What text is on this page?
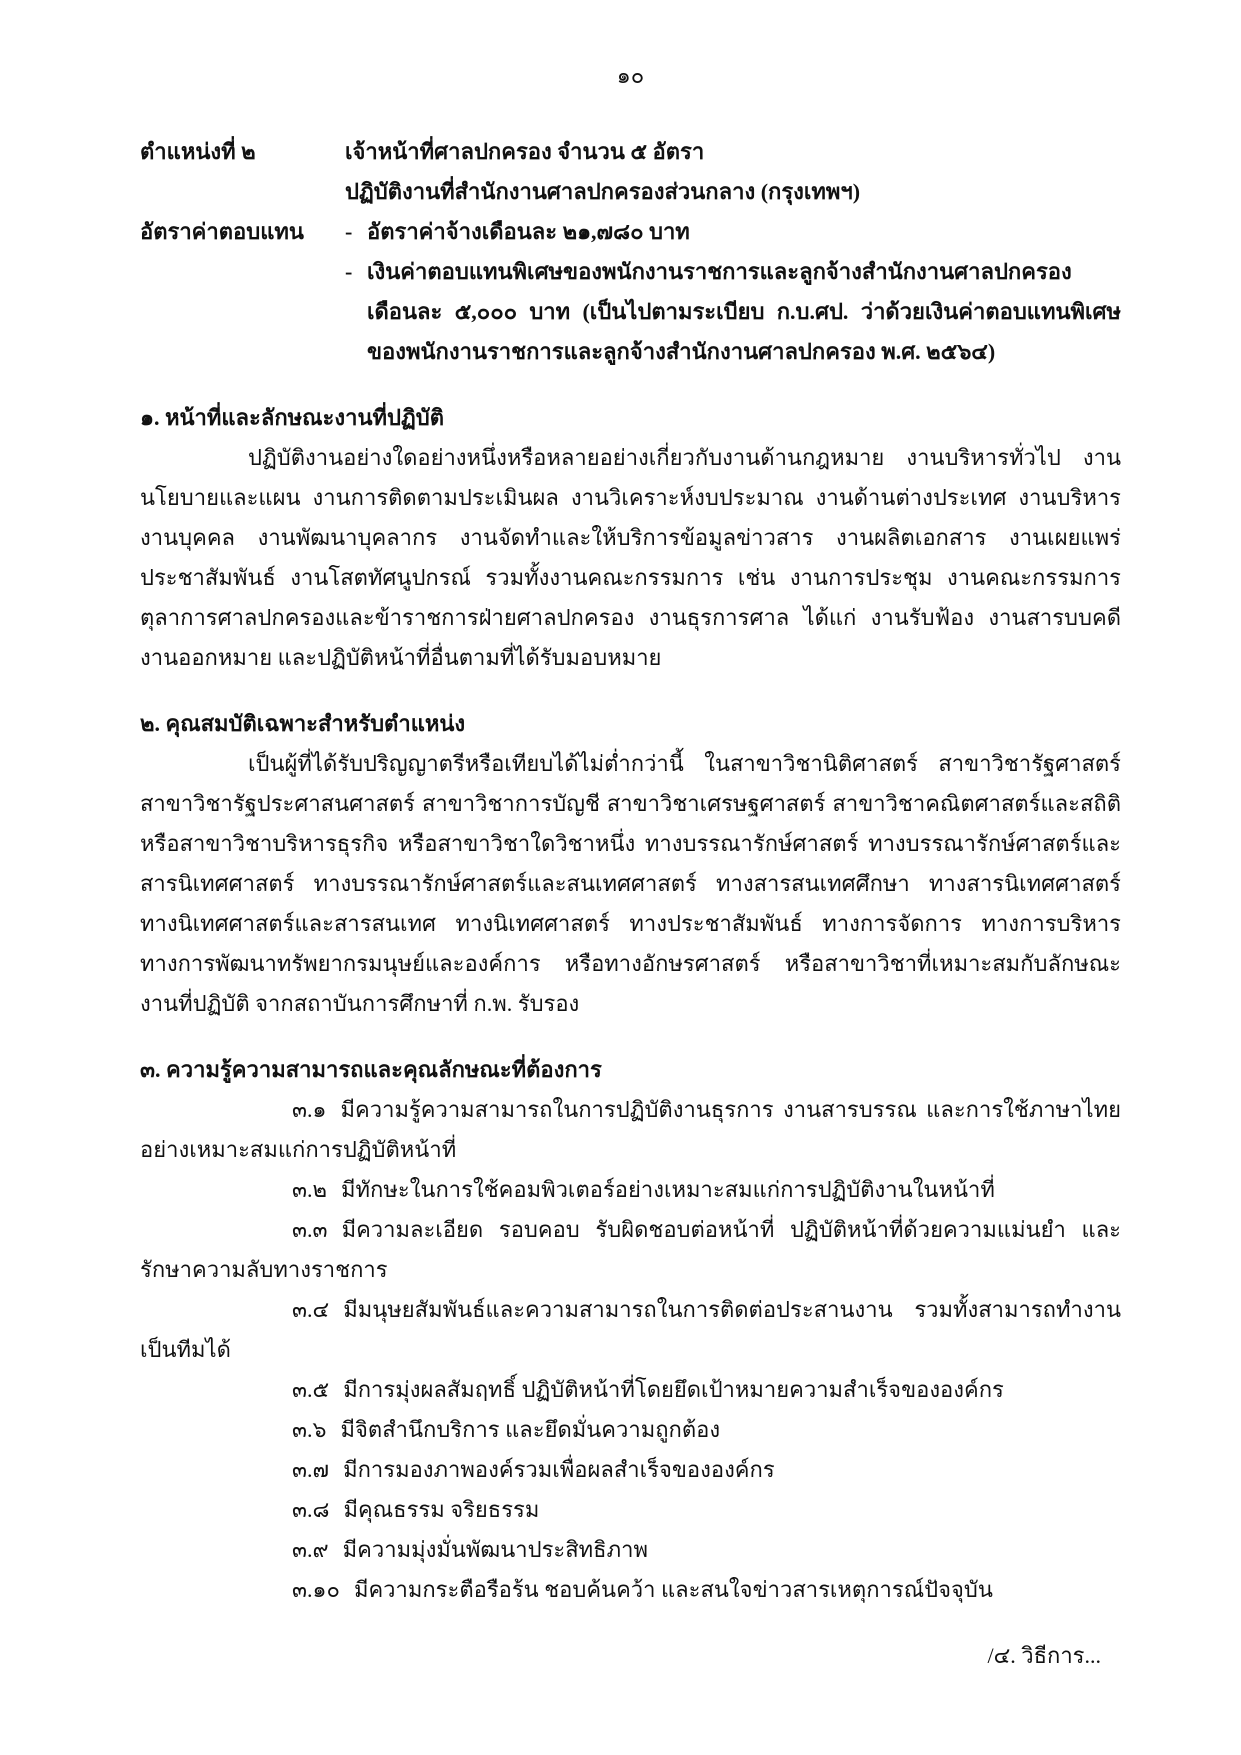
๑๐
ตำแหน่งที่ ๒	เจ้าหน้าที่ศาลปกครอง จำนวน ๕ อัตรา
ปฏิบัติงานที่สำนักงานศาลปกครองส่วนกลาง (กรุงเทพฯ)
อัตราค่าตอบแทน	- อัตราค่าจ้างเดือนละ ๒๑,๗๘๐ บาท
- เงินค่าตอบแทนพิเศษของพนักงานราชการและลูกจ้างสำนักงานศาลปกครอง เดือนละ ๕,๐๐๐ บาท (เป็นไปตามระเบียบ ก.บ.ศป. ว่าด้วยเงินค่าตอบแทนพิเศษของพนักงานราชการและลูกจ้างสำนักงานศาลปกครอง พ.ศ. ๒๕๖๔)
๑. หน้าที่และลักษณะงานที่ปฏิบัติ

ปฏิบัติงานอย่างใดอย่างหนึ่งหรือหลายอย่างเกี่ยวกับงานด้านกฎหมาย งานบริหารทั่วไป งานนโยบายและแผน งานการติดตามประเมินผล งานวิเคราะห์งบประมาณ งานด้านต่างประเทศ งานบริหารงานบุคคล งานพัฒนาบุคลากร งานจัดทำและให้บริการข้อมูลข่าวสาร งานผลิตเอกสาร งานเผยแพร่ประชาสัมพันธ์ งานโสตทัศนูปกรณ์ รวมทั้งงานคณะกรรมการ เช่น งานการประชุม งานคณะกรรมการตุลาการศาลปกครองและข้าราชการฝ่ายศาลปกครอง งานธุรการศาล ได้แก่ งานรับฟ้อง งานสารบบคดี งานออกหมาย และปฏิบัติหน้าที่อื่นตามที่ได้รับมอบหมาย

๒. คุณสมบัติเฉพาะสำหรับตำแหน่ง

เป็นผู้ที่ได้รับปริญญาตรีหรือเทียบได้ไม่ต่ำกว่านี้ ในสาขาวิชานิติศาสตร์ สาขาวิชารัฐศาสตร์ สาขาวิชารัฐประศาสนศาสตร์ สาขาวิชาการบัญชี สาขาวิชาเศรษฐศาสตร์ สาขาวิชาคณิตศาสตร์และสถิติ หรือสาขาวิชาบริหารธุรกิจ หรือสาขาวิชาใดวิชาหนึ่ง ทางบรรณารักษ์ศาสตร์ ทางบรรณารักษ์ศาสตร์และสารนิเทศศาสตร์ ทางบรรณารักษ์ศาสตร์และสนเทศศาสตร์ ทางสารสนเทศศึกษา ทางสารนิเทศศาสตร์ ทางนิเทศศาสตร์และสารสนเทศ ทางนิเทศศาสตร์ ทางประชาสัมพันธ์ ทางการจัดการ ทางการบริหาร ทางการพัฒนาทรัพยากรมนุษย์และองค์การ หรือทางอักษรศาสตร์ หรือสาขาวิชาที่เหมาะสมกับลักษณะงานที่ปฏิบัติ จากสถาบันการศึกษาที่ ก.พ. รับรอง

๓. ความรู้ความสามารถและคุณลักษณะที่ต้องการ
๓.๑ มีความรู้ความสามารถในการปฏิบัติงานธุรการ งานสารบรรณ และการใช้ภาษาไทยอย่างเหมาะสมแก่การปฏิบัติหน้าที่
๓.๒ มีทักษะในการใช้คอมพิวเตอร์อย่างเหมาะสมแก่การปฏิบัติงานในหน้าที่
๓.๓ มีความละเอียด รอบคอบ รับผิดชอบต่อหน้าที่ ปฏิบัติหน้าที่ด้วยความแม่นยำ และรักษาความลับทางราชการ
๓.๔ มีมนุษยสัมพันธ์และความสามารถในการติดต่อประสานงาน รวมทั้งสามารถทำงานเป็นทีมได้
๓.๕ มีการมุ่งผลสัมฤทธิ์ ปฏิบัติหน้าที่โดยยึดเป้าหมายความสำเร็จขององค์กร
๓.๖ มีจิตสำนึกบริการ และยึดมั่นความถูกต้อง
๓.๗ มีการมองภาพองค์รวมเพื่อผลสำเร็จขององค์กร
๓.๘ มีคุณธรรม จริยธรรม
๓.๙ มีความมุ่งมั่นพัฒนาประสิทธิภาพ
๓.๑๐ มีความกระตือรือร้น ชอบค้นคว้า และสนใจข่าวสารเหตุการณ์ปัจจุบัน
/๔. วิธีการ...
